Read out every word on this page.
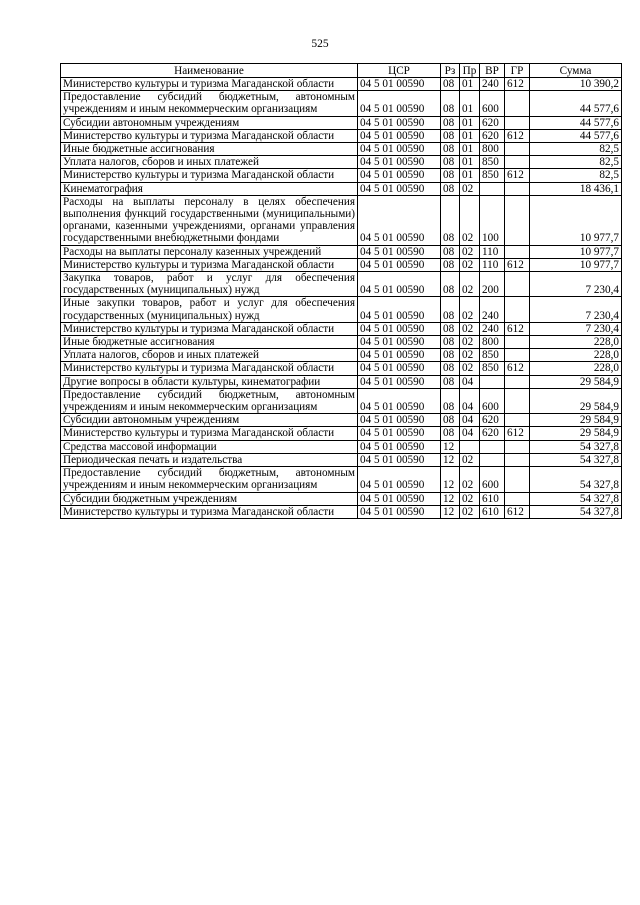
525
Наименование	ЦСР	Рз	Пр	ВР	ГР	Сумма
Министерство культуры и туризма Магаданской области	04 5 01 00590	08	01	240	612	10 390,2
Предоставление субсидий бюджетным, автономным учреждениям и иным некоммерческим организациям	04 5 01 00590	08	01	600		44 577,6
Субсидии автономным учреждениям	04 5 01 00590	08	01	620		44 577,6
Министерство культуры и туризма Магаданской области	04 5 01 00590	08	01	620	612	44 577,6
Иные бюджетные ассигнования	04 5 01 00590	08	01	800		82,5
Уплата налогов, сборов и иных платежей	04 5 01 00590	08	01	850		82,5
Министерство культуры и туризма Магаданской области	04 5 01 00590	08	01	850	612	82,5
Кинематография	04 5 01 00590	08	02			18 436,1
Расходы на выплаты персоналу в целях обеспечения выполнения функций государственными (муниципальными) органами, казенными учреждениями, органами управления государственными внебюджетными фондами	04 5 01 00590	08	02	100		10 977,7
Расходы на выплаты персоналу казенных учреждений	04 5 01 00590	08	02	110		10 977,7
Министерство культуры и туризма Магаданской области	04 5 01 00590	08	02	110	612	10 977,7
Закупка товаров, работ и услуг для обеспечения государственных (муниципальных) нужд	04 5 01 00590	08	02	200		7 230,4
Иные закупки товаров, работ и услуг для обеспечения государственных (муниципальных) нужд	04 5 01 00590	08	02	240		7 230,4
Министерство культуры и туризма Магаданской области	04 5 01 00590	08	02	240	612	7 230,4
Иные бюджетные ассигнования	04 5 01 00590	08	02	800		228,0
Уплата налогов, сборов и иных платежей	04 5 01 00590	08	02	850		228,0
Министерство культуры и туризма Магаданской области	04 5 01 00590	08	02	850	612	228,0
Другие вопросы в области культуры, кинематографии	04 5 01 00590	08	04			29 584,9
Предоставление субсидий бюджетным, автономным учреждениям и иным некоммерческим организациям	04 5 01 00590	08	04	600		29 584,9
Субсидии автономным учреждениям	04 5 01 00590	08	04	620		29 584,9
Министерство культуры и туризма Магаданской области	04 5 01 00590	08	04	620	612	29 584,9
Средства массовой информации	04 5 01 00590	12				54 327,8
Периодическая печать и издательства	04 5 01 00590	12	02			54 327,8
Предоставление субсидий бюджетным, автономным учреждениям и иным некоммерческим организациям	04 5 01 00590	12	02	600		54 327,8
Субсидии бюджетным учреждениям	04 5 01 00590	12	02	610		54 327,8
Министерство культуры и туризма Магаданской области	04 5 01 00590	12	02	610	612	54 327,8
